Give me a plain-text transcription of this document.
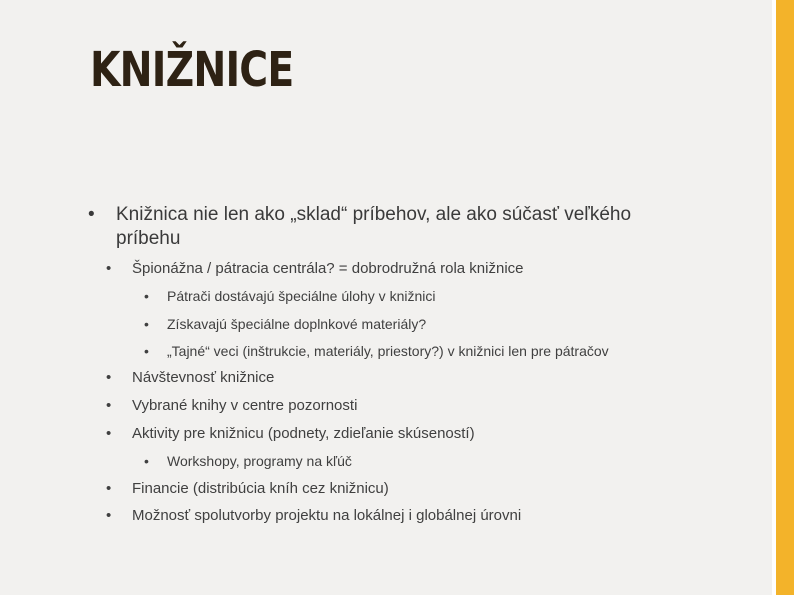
KNIŽNICE
• Knižnica nie len ako „sklad“ príbehov, ale ako súčasť veľkého
príbehu
• Špionážna / pátracia centrála? = dobrodružná rola knižnice
• Pátrači dostávajú špeciálne úlohy v knižnici
• Získavajú špeciálne doplnkové materiály?
• „Tajné“ veci (inštrukcie, materiály, priestory?) v knižnici len pre pátračov
• Návštevnosť knižnice
• Vybrané knihy v centre pozornosti
• Aktivity pre knižnicu (podnety, zdieľanie skúseností)
• Workshopy, programy na kľúč
• Financie (distribúcia kníh cez knižnicu)
• Možnosť spolutvorby projektu na lokálnej i globálnej úrovni
